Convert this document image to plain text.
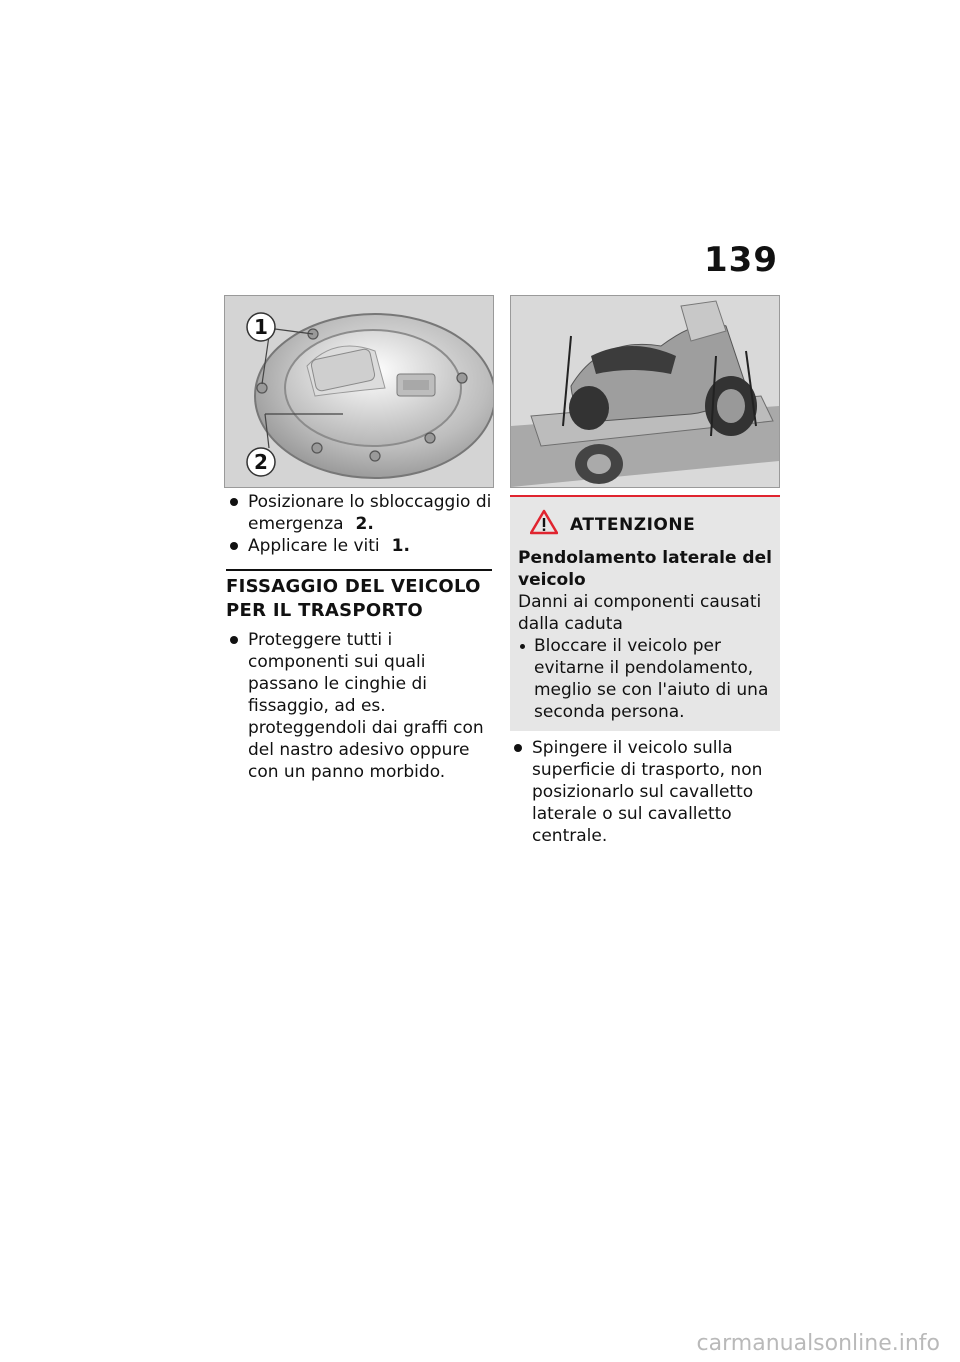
139
1
2
Posizionare lo sbloccaggio di emergenza 2.
Applicare le viti 1.
FISSAGGIO DEL VEICOLO
PER IL TRASPORTO
Proteggere tutti i componenti sui quali passano le cinghie di fissaggio, ad es. proteggendoli dai graffi con del nastro adesivo oppure con un panno morbido.
ATTENZIONE
Pendolamento laterale del veicolo
Danni ai componenti causati dalla caduta
Bloccare il veicolo per evitarne il pendolamento, meglio se con l'aiuto di una seconda persona.
Spingere il veicolo sulla superficie di trasporto, non posizionarlo sul cavalletto laterale o sul cavalletto centrale.
carmanualsonline.info
